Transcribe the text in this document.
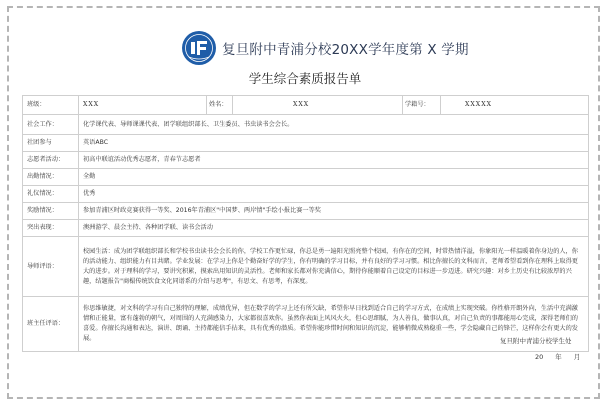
复旦附中青浦分校20XX学年度第 X 学期
学生综合素质报告单
班级：	XXX	姓名：	XXX	学籍号：	XXXXX
社会工作：	化学课代表、导师课课代表、团学联组织部长、卫生委员、书虫读书会会长。				
社团参与	英语ABC				
志愿者活动：	初高中联谊活动优秀志愿者，青春节志愿者				
出勤情况：	全勤				
礼仪情况：	优秀				
奖励情况：	参加青浦区时政竞赛获得一等奖、2016年青浦区"中国梦、两岸情"手绘小报比赛一等奖				
突出表现：	澳洲游学、晨会主持、各种团学联、读书会活动				
导师评语：	校园生活：成为团学联组织部长和学校书虫读书会会长的你，学校工作更忙碌，你总是勇一遍阳光照亮整个校园，有你在的空间，时常热情洋溢，你象阳光一样温暖着你身边的人，你的活动能力、组织能力有目共睹。学业发展：在学习上你是个勤奋好学的学生，你有明确的学习目标，并有良好的学习习惯。相比你擅长的文科而言，老师希望看到你在理科上取得更大的进步。对于理科的学习，要讲究积累，摸索出用知识的灵活性。老师和家长都对你充满信心，期待你能顺着自己设定的目标进一步迈进。研究兴趣：对乡土历史有比较浓厚的兴趣，结题报告"商榻传统饮食文化同谱系的介绍与思考"，有思文、有思考，有深度。				
班主任评语：	你思维敏捷，对文科的学习有自己独特的理解，成绩优异，但在数学的学习上还有所欠缺，希望你早日找到适合自己的学习方式，在成绩上实现突破。你性格开朗外向，生活中充满激情和正能量，富有蓬勃的朝气，对周围的人充满感染力，大家都很喜欢你。虽然你表面上风风火火，但心思细腻，为人善良，做事认真，对自己负责的事都能用心完成，深得老师们的喜爱。你擅长沟通和表达，演讲、朗诵、主持都能信手拈来，具有优秀的潜质。希望你能珍惜时间和知识的沉淀，能够稍微成熟稳重一些，学会隐藏自己的锋芒，这样你会有更大的发展。					复旦附中青浦分校学生处
20 年 月
